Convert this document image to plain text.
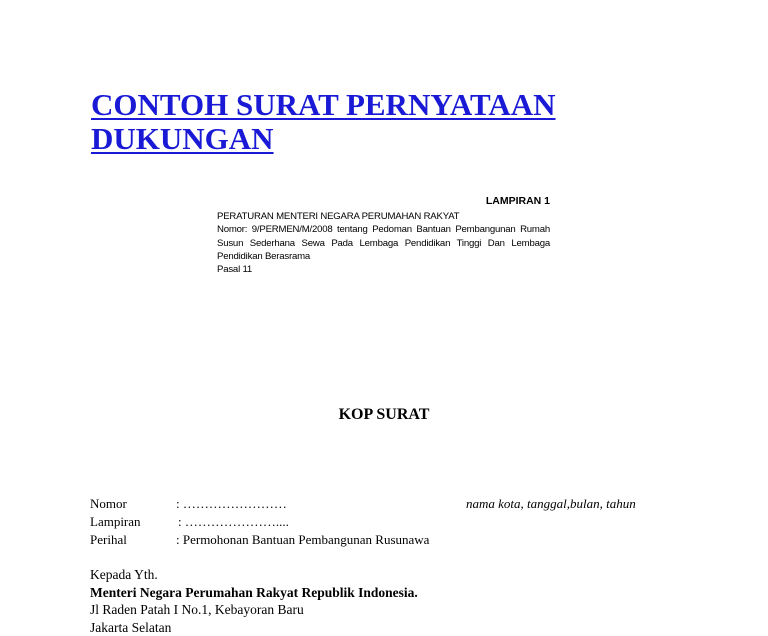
CONTOH SURAT PERNYATAAN
DUKUNGAN
LAMPIRAN 1
PERATURAN MENTERI NEGARA PERUMAHAN RAKYAT
Nomor: 9/PERMEN/M/2008 tentang Pedoman Bantuan Pembangunan Rumah Susun Sederhana Sewa Pada Lembaga Pendidikan Tinggi Dan Lembaga Pendidikan Berasrama
Pasal 11
KOP SURAT
Nomor	: ……………………
Lampiran	: …………………....
Perihal	: Permohonan Bantuan Pembangunan Rusunawa
nama kota, tanggal,bulan, tahun
Kepada Yth.
Menteri Negara Perumahan Rakyat Republik Indonesia.
Jl Raden Patah I No.1, Kebayoran Baru
Jakarta Selatan
